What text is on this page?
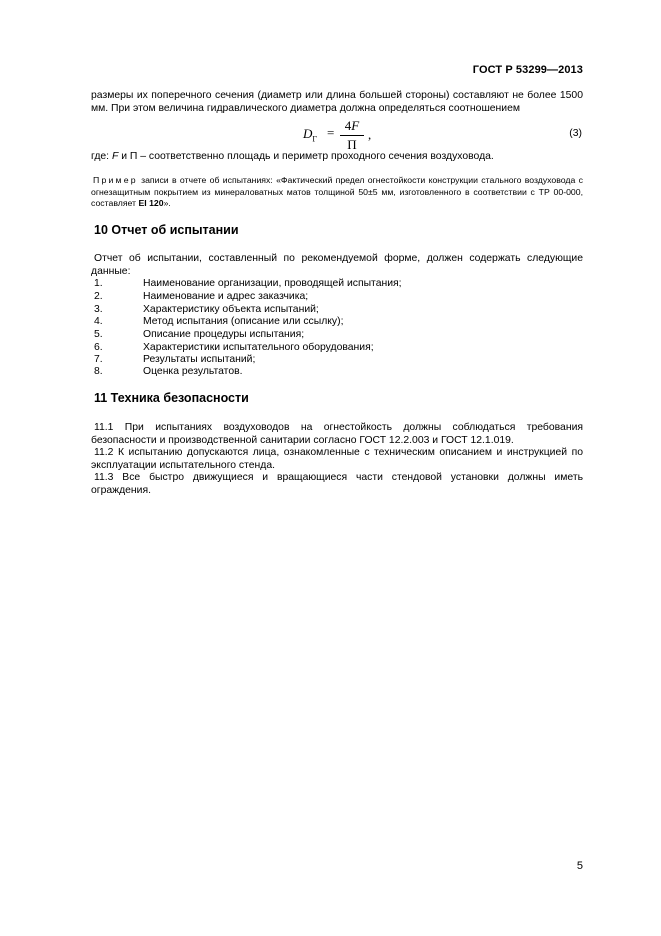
ГОСТ Р 53299—2013
размеры их поперечного сечения (диаметр или длина большей стороны) составляют не более 1500
мм. При этом величина гидравлического диаметра должна определяться соотношением
$D_Г = 4F$
П
,	(3)
где: F и П – соответственно площадь и периметр проходного сечения воздуховода.
Пример записи в отчете об испытаниях: «Фактический предел огнестойкости конструкции стального воздуховода с огнезащитным покрытием из минераловатных матов толщиной 50±5 мм, изготовленного в соответствии с ТР 00-000, составляет EI 120».
10 Отчет об испытании
Отчет об испытании, составленный по рекомендуемой форме, должен содержать следующие данные:
1.	Наименование организации, проводящей испытания;
2.	Наименование и адрес заказчика;
3.	Характеристику объекта испытаний;
4.	Метод испытания (описание или ссылку);
5.	Описание процедуры испытания;
6.	Характеристики испытательного оборудования;
7.	Результаты испытаний;
8.	Оценка результатов.
11 Техника безопасности
11.1 При испытаниях воздуховодов на огнестойкость должны соблюдаться требования безопасности и производственной санитарии согласно ГОСТ 12.2.003 и ГОСТ 12.1.019.
11.2 К испытанию допускаются лица, ознакомленные с техническим описанием и инструкцией по эксплуатации испытательного стенда.
11.3 Все быстро движущиеся и вращающиеся части стендовой установки должны иметь ограждения.
5
